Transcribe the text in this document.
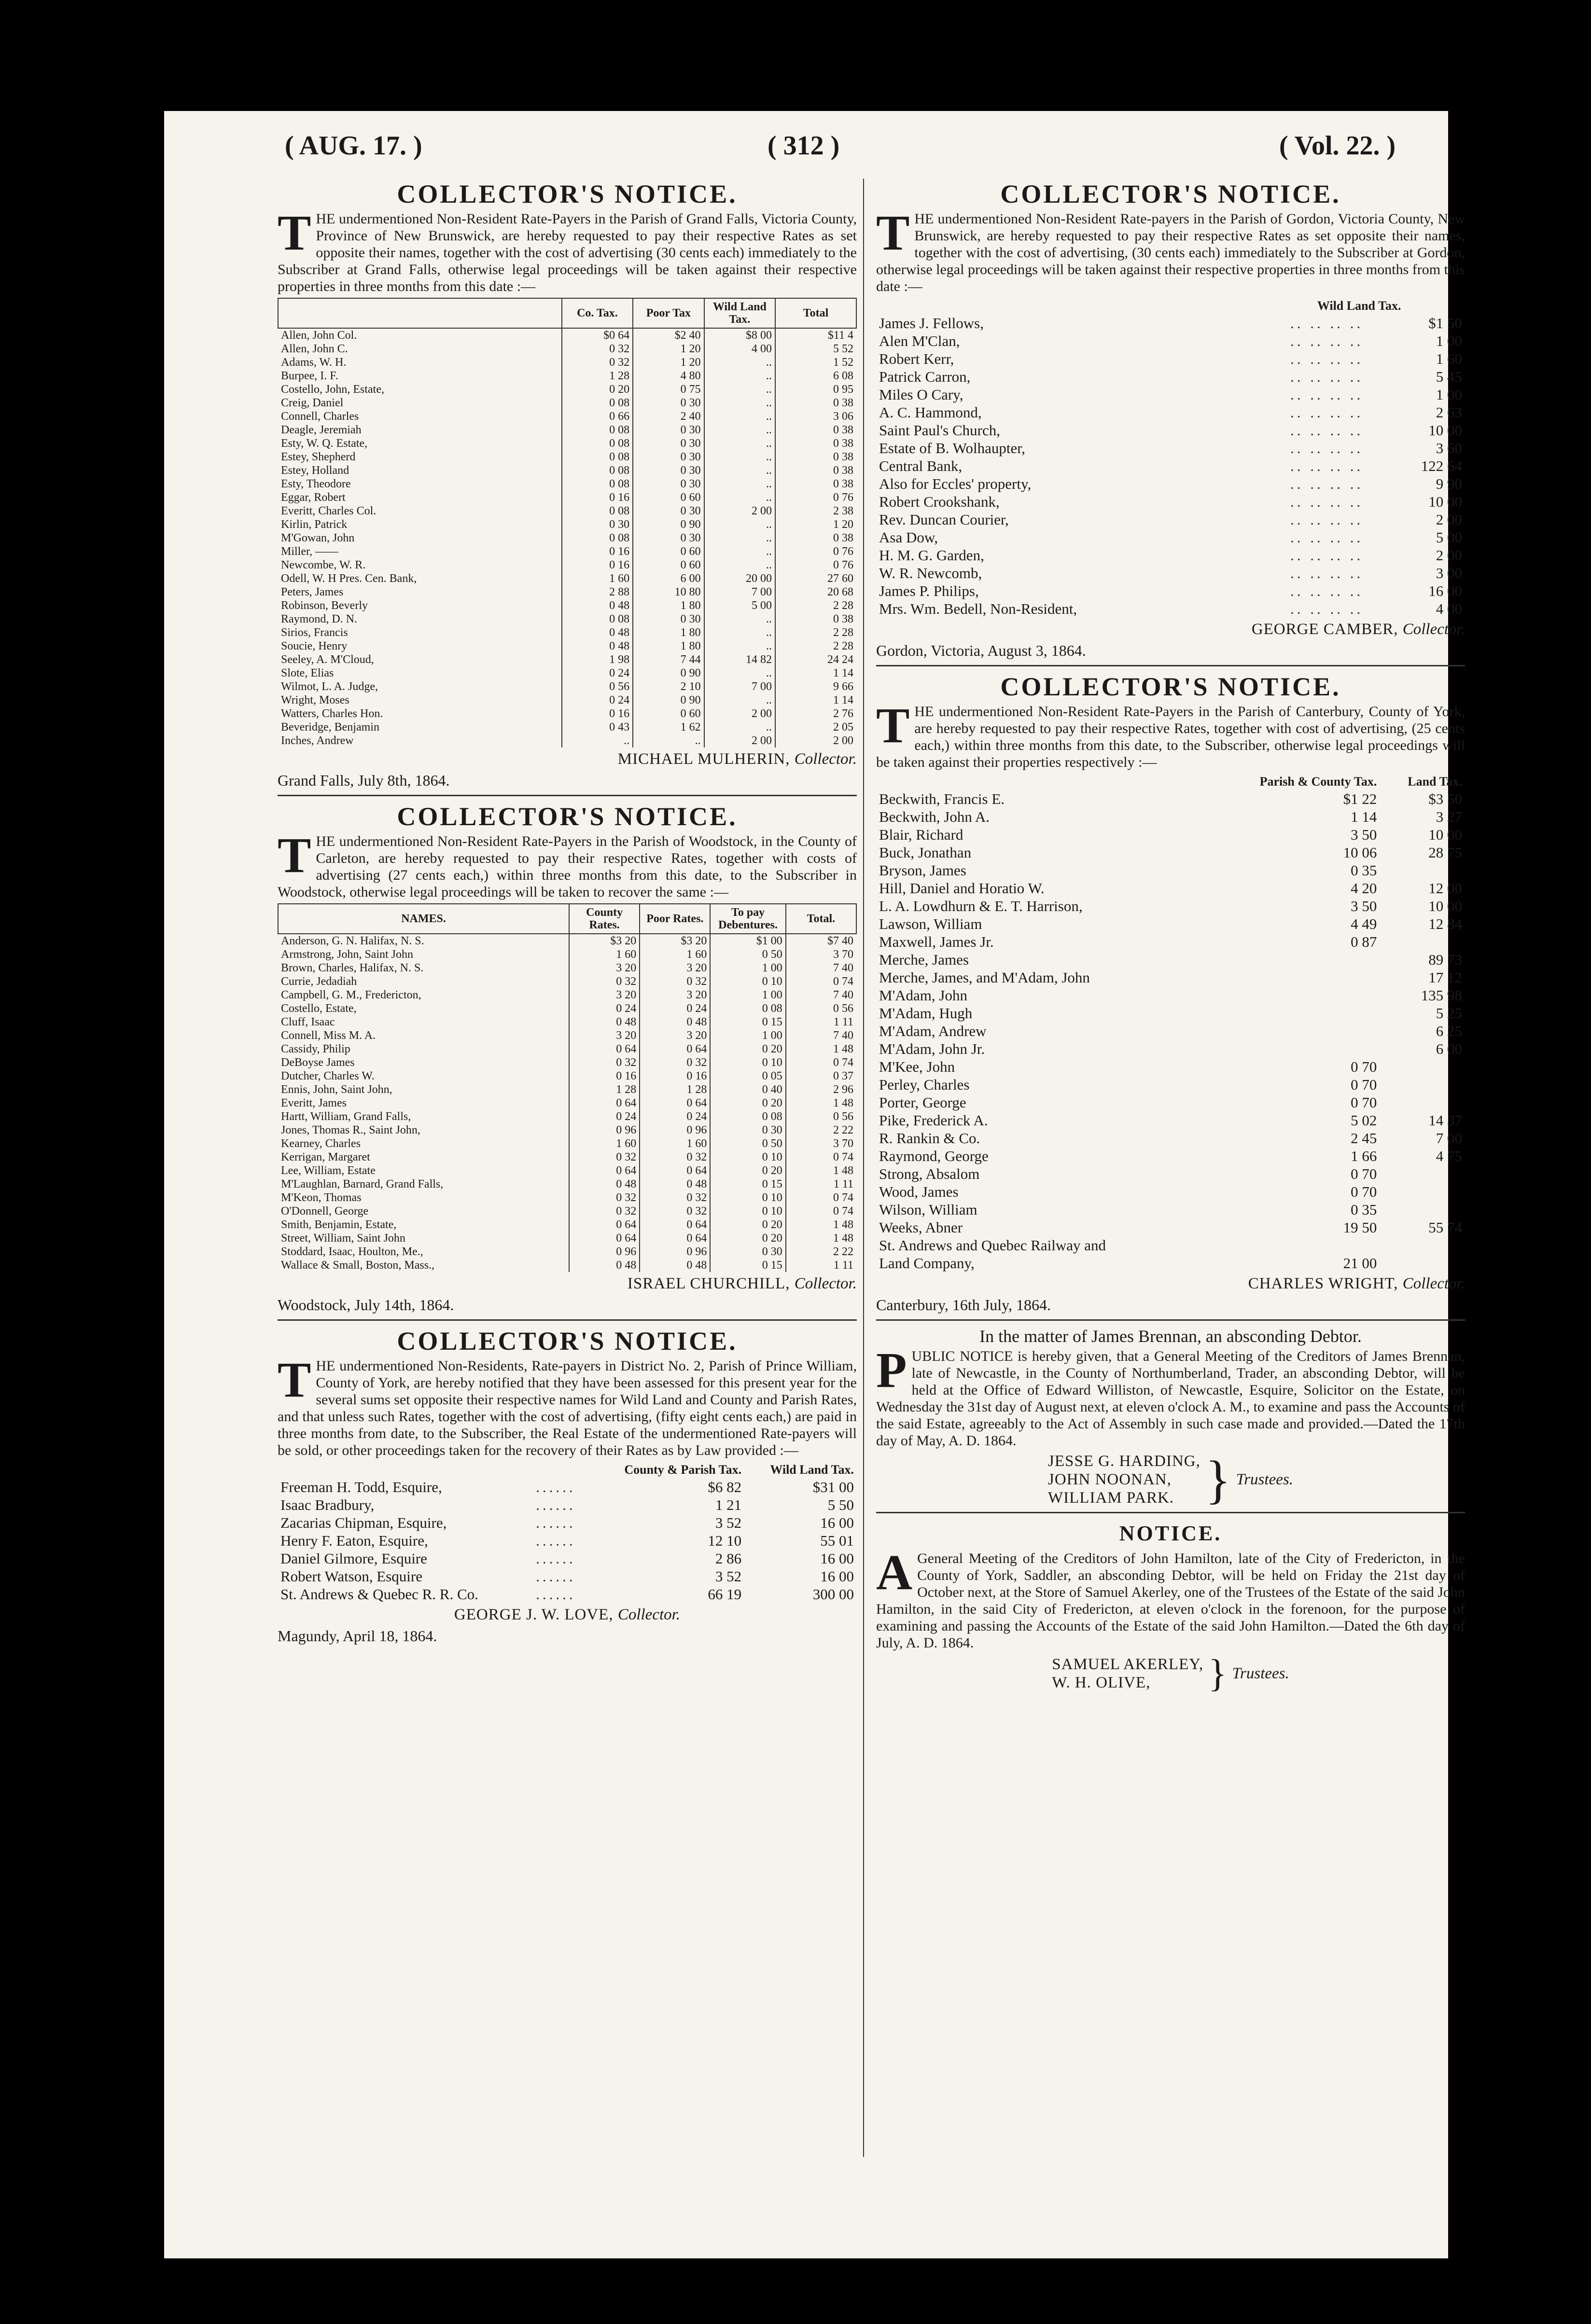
( AUG. 17. )	( 312 )	( Vol. 22. )
COLLECTOR'S NOTICE.

THE undermentioned Non-Resident Rate-Payers in the Parish of Grand Falls, Victoria County, Province of New Brunswick, are hereby requested to pay their respective Rates as set opposite their names, together with the cost of advertising (30 cents each) immediately to the Subscriber at Grand Falls, otherwise legal proceedings will be taken against their respective properties in three months from this date :—

	Co. Tax.	Poor Tax	Wild Land Tax.	Total
Allen, John Col.	$0 64	$2 40	$8 00	$11 4
Allen, John C.	0 32	1 20	4 00	5 52
Adams, W. H.	0 32	1 20	..	1 52
Burpee, I. F.	1 28	4 80	..	6 08
Costello, John, Estate,	0 20	0 75	..	0 95
Creig, Daniel	0 08	0 30	..	0 38
Connell, Charles	0 66	2 40	..	3 06
Deagle, Jeremiah	0 08	0 30	..	0 38
Esty, W. Q. Estate,	0 08	0 30	..	0 38
Estey, Shepherd	0 08	0 30	..	0 38
Estey, Holland	0 08	0 30	..	0 38
Esty, Theodore	0 08	0 30	..	0 38
Eggar, Robert	0 16	0 60	..	0 76
Everitt, Charles Col.	0 08	0 30	2 00	2 38
Kirlin, Patrick	0 30	0 90	..	1 20
M'Gowan, John	0 08	0 30	..	0 38
Miller, ——	0 16	0 60	..	0 76
Newcombe, W. R.	0 16	0 60	..	0 76
Odell, W. H Pres. Cen. Bank,	1 60	6 00	20 00	27 60
Peters, James	2 88	10 80	7 00	20 68
Robinson, Beverly	0 48	1 80	5 00	2 28
Raymond, D. N.	0 08	0 30	..	0 38
Sirios, Francis	0 48	1 80	..	2 28
Soucie, Henry	0 48	1 80	..	2 28
Seeley, A. M'Cloud,	1 98	7 44	14 82	24 24
Slote, Elias	0 24	0 90	..	1 14
Wilmot, L. A. Judge,	0 56	2 10	7 00	9 66
Wright, Moses	0 24	0 90	..	1 14
Watters, Charles Hon.	0 16	0 60	2 00	2 76
Beveridge, Benjamin	0 43	1 62	..	2 05
Inches, Andrew	..	..	2 00	2 00
MICHAEL MULHERIN, Collector.
Grand Falls, July 8th, 1864.
COLLECTOR'S NOTICE.

THE undermentioned Non-Resident Rate-Payers in the Parish of Woodstock, in the County of Carleton, are hereby requested to pay their respective Rates, together with costs of advertising (27 cents each,) within three months from this date, to the Subscriber in Woodstock, otherwise legal proceedings will be taken to recover the same :—

NAMES.	County Rates.	Poor Rates.	To pay Debentures.	Total.
Anderson, G. N. Halifax, N. S.	$3 20	$3 20	$1 00	$7 40
Armstrong, John, Saint John	1 60	1 60	0 50	3 70
Brown, Charles, Halifax, N. S.	3 20	3 20	1 00	7 40
Currie, Jedadiah	0 32	0 32	0 10	0 74
Campbell, G. M., Fredericton,	3 20	3 20	1 00	7 40
Costello, Estate,	0 24	0 24	0 08	0 56
Cluff, Isaac	0 48	0 48	0 15	1 11
Connell, Miss M. A.	3 20	3 20	1 00	7 40
Cassidy, Philip	0 64	0 64	0 20	1 48
DeBoyse James	0 32	0 32	0 10	0 74
Dutcher, Charles W.	0 16	0 16	0 05	0 37
Ennis, John, Saint John,	1 28	1 28	0 40	2 96
Everitt, James	0 64	0 64	0 20	1 48
Hartt, William, Grand Falls,	0 24	0 24	0 08	0 56
Jones, Thomas R., Saint John,	0 96	0 96	0 30	2 22
Kearney, Charles	1 60	1 60	0 50	3 70
Kerrigan, Margaret	0 32	0 32	0 10	0 74
Lee, William, Estate	0 64	0 64	0 20	1 48
M'Laughlan, Barnard, Grand Falls,	0 48	0 48	0 15	1 11
M'Keon, Thomas	0 32	0 32	0 10	0 74
O'Donnell, George	0 32	0 32	0 10	0 74
Smith, Benjamin, Estate,	0 64	0 64	0 20	1 48
Street, William, Saint John	0 64	0 64	0 20	1 48
Stoddard, Isaac, Houlton, Me.,	0 96	0 96	0 30	2 22
Wallace & Small, Boston, Mass.,	0 48	0 48	0 15	1 11
ISRAEL CHURCHILL, Collector.
Woodstock, July 14th, 1864.
COLLECTOR'S NOTICE.

THE undermentioned Non-Residents, Rate-payers in District No. 2, Parish of Prince William, County of York, are hereby notified that they have been assessed for this present year for the several sums set opposite their respective names for Wild Land and County and Parish Rates, and that unless such Rates, together with the cost of advertising, (fifty eight cents each,) are paid in three months from date, to the Subscriber, the Real Estate of the undermentioned Rate-payers will be sold, or other proceedings taken for the recovery of their Rates as by Law provided :—

		County & Parish Tax.	Wild Land Tax.
Freeman H. Todd, Esquire,	......	$6 82	$31 00
Isaac Bradbury,	......	1 21	5 50
Zacarias Chipman, Esquire,	......	3 52	16 00
Henry F. Eaton, Esquire,	......	12 10	55 01
Daniel Gilmore, Esquire	......	2 86	16 00
Robert Watson, Esquire	......	3 52	16 00
St. Andrews & Quebec R. R. Co.	......	66 19	300 00
GEORGE J. W. LOVE, Collector.
Magundy, April 18, 1864.
COLLECTOR'S NOTICE.

THE undermentioned Non-Resident Rate-payers in the Parish of Gordon, Victoria County, New Brunswick, are hereby requested to pay their respective Rates as set opposite their names, together with the cost of advertising, (30 cents each) immediately to the Subscriber at Gordon, otherwise legal proceedings will be taken against their respective properties in three months from this date :—

	Wild Land Tax.	
James J. Fellows,	.. .. .. ..	$1 50
Alen M'Clan,	.. .. .. ..	1 00
Robert Kerr,	.. .. .. ..	1 60
Patrick Carron,	.. .. .. ..	5 45
Miles O Cary,	.. .. .. ..	1 00
A. C. Hammond,	.. .. .. ..	2 63
Saint Paul's Church,	.. .. .. ..	10 00
Estate of B. Wolhaupter,	.. .. .. ..	3 60
Central Bank,	.. .. .. ..	122 64
Also for Eccles' property,	.. .. .. ..	9 90
Robert Crookshank,	.. .. .. ..	10 00
Rev. Duncan Courier,	.. .. .. ..	2 00
Asa Dow,	.. .. .. ..	5 00
H. M. G. Garden,	.. .. .. ..	2 00
W. R. Newcomb,	.. .. .. ..	3 00
James P. Philips,	.. .. .. ..	16 00
Mrs. Wm. Bedell, Non-Resident,	.. .. .. ..	4 00
GEORGE CAMBER, Collector.
Gordon, Victoria, August 3, 1864.
COLLECTOR'S NOTICE.

THE undermentioned Non-Resident Rate-Payers in the Parish of Canterbury, County of York, are hereby requested to pay their respective Rates, together with cost of advertising, (25 cents each,) within three months from this date, to the Subscriber, otherwise legal proceedings will be taken against their properties respectively :—

	Parish & County Tax.	Land Tax.
Beckwith, Francis E.	$1 22	$3 50
Beckwith, John A.	1 14	3 27
Blair, Richard	3 50	10 00
Buck, Jonathan	10 06	28 75
Bryson, James	0 35	
Hill, Daniel and Horatio W.	4 20	12 00
L. A. Lowdhurn & E. T. Harrison,	3 50	10 00
Lawson, William	4 49	12 84
Maxwell, James Jr.	0 87	
Merche, James		89 73
Merche, James, and M'Adam, John		17 12
M'Adam, John		135 98
M'Adam, Hugh		5 25
M'Adam, Andrew		6 25
M'Adam, John Jr.		6 00
M'Kee, John	0 70	
Perley, Charles	0 70	
Porter, George	0 70	
Pike, Frederick A.	5 02	14 37
R. Rankin & Co.	2 45	7 00
Raymond, George	1 66	4 75
Strong, Absalom	0 70	
Wood, James	0 70	
Wilson, William	0 35	
Weeks, Abner	19 50	55 74
St. Andrews and Quebec Railway and		
Land Company,	21 00	
CHARLES WRIGHT, Collector.
Canterbury, 16th July, 1864.
In the matter of James Brennan, an absconding Debtor.

PUBLIC NOTICE is hereby given, that a General Meeting of the Creditors of James Brennan, late of Newcastle, in the County of Northumberland, Trader, an absconding Debtor, will be held at the Office of Edward Williston, of Newcastle, Esquire, Solicitor on the Estate, on Wednesday the 31st day of August next, at eleven o'clock A. M., to examine and pass the Accounts of the said Estate, agreeably to the Act of Assembly in such case made and provided.—Dated the 17th day of May, A. D. 1864.

JESSE G. HARDING,
JOHN NOONAN,
WILLIAM PARK. } Trustees.
NOTICE.

A General Meeting of the Creditors of John Hamilton, late of the City of Fredericton, in the County of York, Saddler, an absconding Debtor, will be held on Friday the 21st day of October next, at the Store of Samuel Akerley, one of the Trustees of the Estate of the said John Hamilton, in the said City of Fredericton, at eleven o'clock in the forenoon, for the purpose of examining and passing the Accounts of the Estate of the said John Hamilton.—Dated the 6th day of July, A. D. 1864.

SAMUEL AKERLEY,
W. H. OLIVE,	} Trustees.
